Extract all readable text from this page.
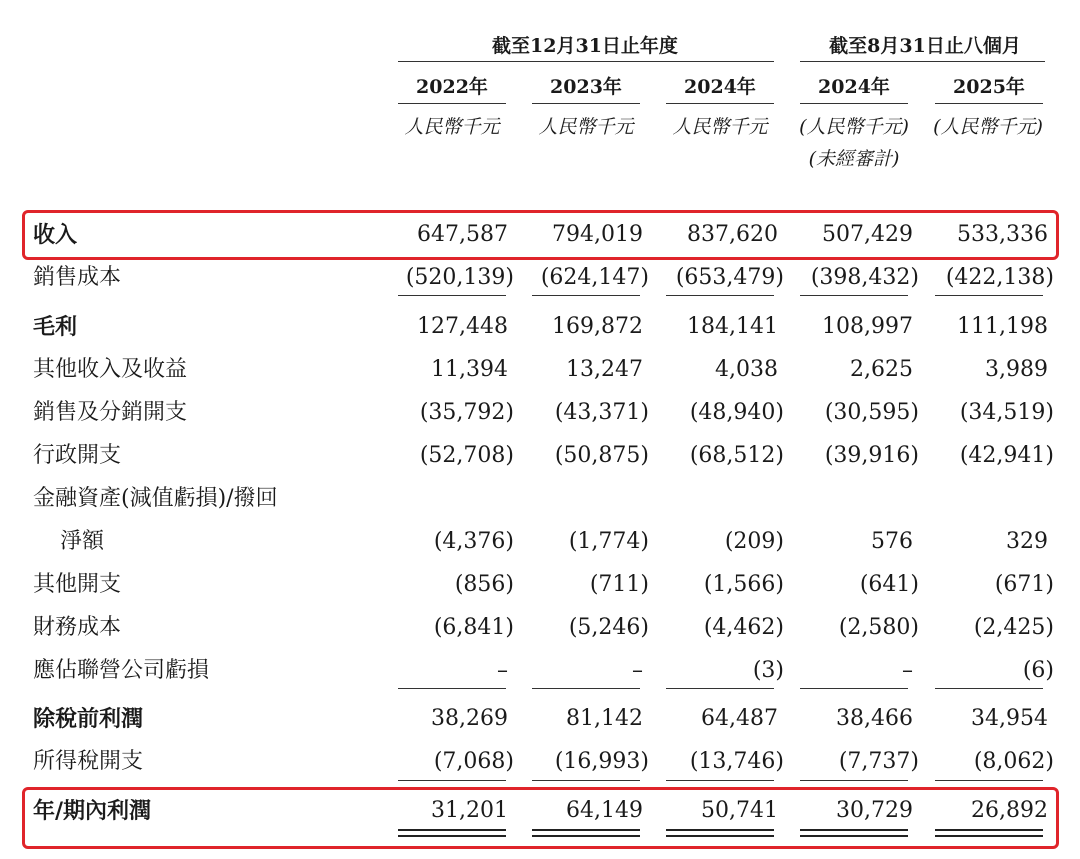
截至12月31日止年度	截至8月31日止八個月
2022年	2023年	2024年	2024年	2025年
人民幣千元	人民幣千元	人民幣千元	(人民幣千元)	(人民幣千元)
(未經審計)
收入 . . .	647,587	794,019	837,620	507,429	533,336
銷售成本 . . .	(520,139)	(624,147)	(653,479)	(398,432)	(422,138)
毛利 . . .	127,448	169,872	184,141	108,997	111,198
其他收入及收益 . . .	11,394	13,247	4,038	2,625	3,989
銷售及分銷開支 . . .	(35,792)	(43,371)	(48,940)	(30,595)	(34,519)
行政開支 . . .	(52,708)	(50,875)	(68,512)	(39,916)	(42,941)
金融資產(減值虧損)/撥回
淨額 . . .	(4,376)	(1,774)	(209)	576	329
其他開支 . . .	(856)	(711)	(1,566)	(641)	(671)
財務成本 . . .	(6,841)	(5,246)	(4,462)	(2,580)	(2,425)
應佔聯營公司虧損 . . .	–	–	(3)	–	(6)
除稅前利潤 . . .	38,269	81,142	64,487	38,466	34,954
所得稅開支 . . .	(7,068)	(16,993)	(13,746)	(7,737)	(8,062)
年/期內利潤 . . .	31,201	64,149	50,741	30,729	26,892
